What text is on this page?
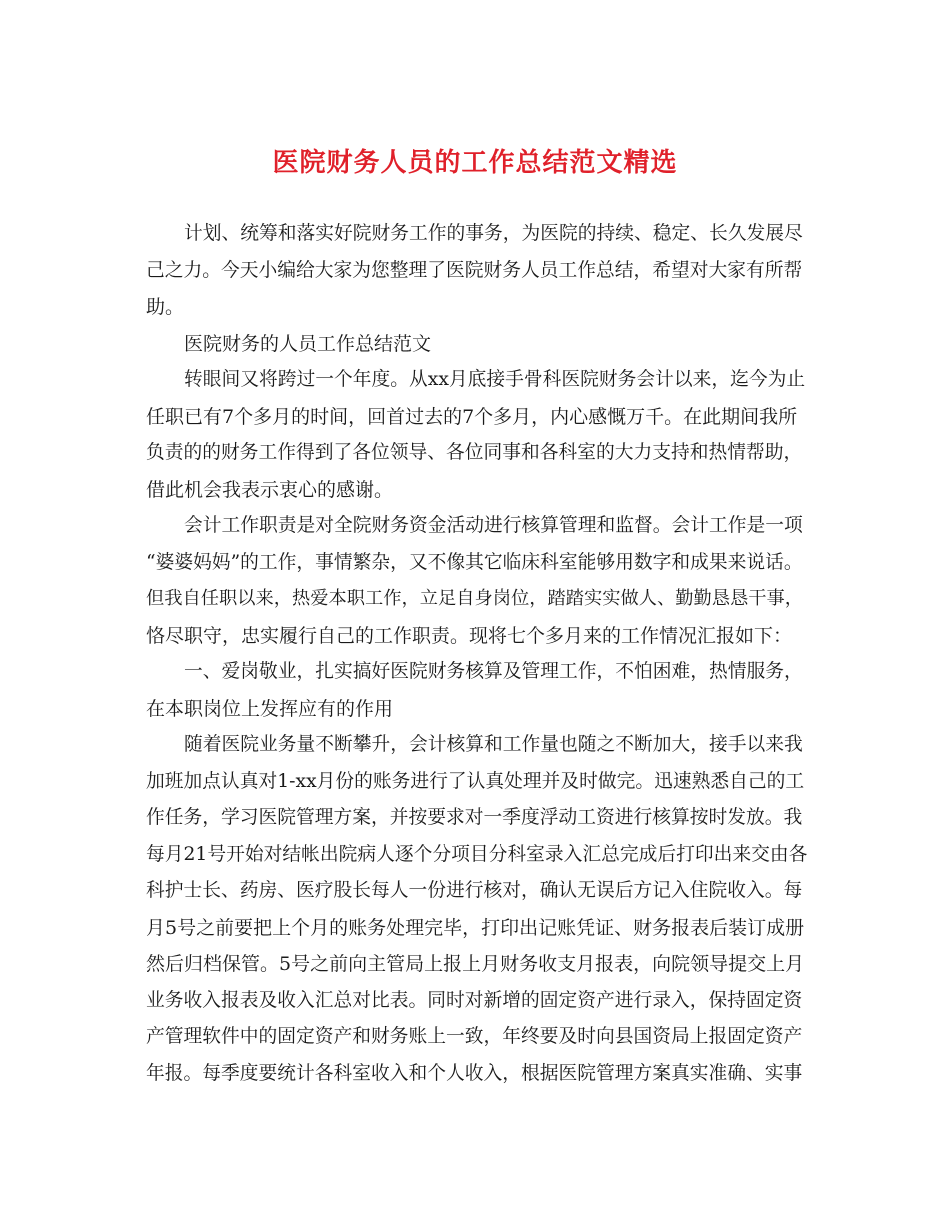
医院财务人员的工作总结范文精选
计划、统筹和落实好院财务工作的事务，为医院的持续、稳定、长久发展尽
己之力。今天小编给大家为您整理了医院财务人员工作总结，希望对大家有所帮
助。
医院财务的人员工作总结范文
转眼间又将跨过一个年度。从xx月底接手骨科医院财务会计以来，迄今为止
任职已有7个多月的时间，回首过去的7个多月，内心感慨万千。在此期间我所
负责的的财务工作得到了各位领导、各位同事和各科室的大力支持和热情帮助，
借此机会我表示衷心的感谢。
会计工作职责是对全院财务资金活动进行核算管理和监督。会计工作是一项
“婆婆妈妈”的工作，事情繁杂，又不像其它临床科室能够用数字和成果来说话。
但我自任职以来，热爱本职工作，立足自身岗位，踏踏实实做人、勤勤恳恳干事，
恪尽职守，忠实履行自己的工作职责。现将七个多月来的工作情况汇报如下：
一、爱岗敬业，扎实搞好医院财务核算及管理工作，不怕困难，热情服务，
在本职岗位上发挥应有的作用
随着医院业务量不断攀升，会计核算和工作量也随之不断加大，接手以来我
加班加点认真对1-xx月份的账务进行了认真处理并及时做完。迅速熟悉自己的工
作任务，学习医院管理方案，并按要求对一季度浮动工资进行核算按时发放。我
每月21号开始对结帐出院病人逐个分项目分科室录入汇总完成后打印出来交由各
科护士长、药房、医疗股长每人一份进行核对，确认无误后方记入住院收入。每
月5号之前要把上个月的账务处理完毕，打印出记账凭证、财务报表后装订成册
然后归档保管。5号之前向主管局上报上月财务收支月报表，向院领导提交上月
业务收入报表及收入汇总对比表。同时对新增的固定资产进行录入，保持固定资
产管理软件中的固定资产和财务账上一致，年终要及时向县国资局上报固定资产
年报。每季度要统计各科室收入和个人收入，根据医院管理方案真实准确、实事
